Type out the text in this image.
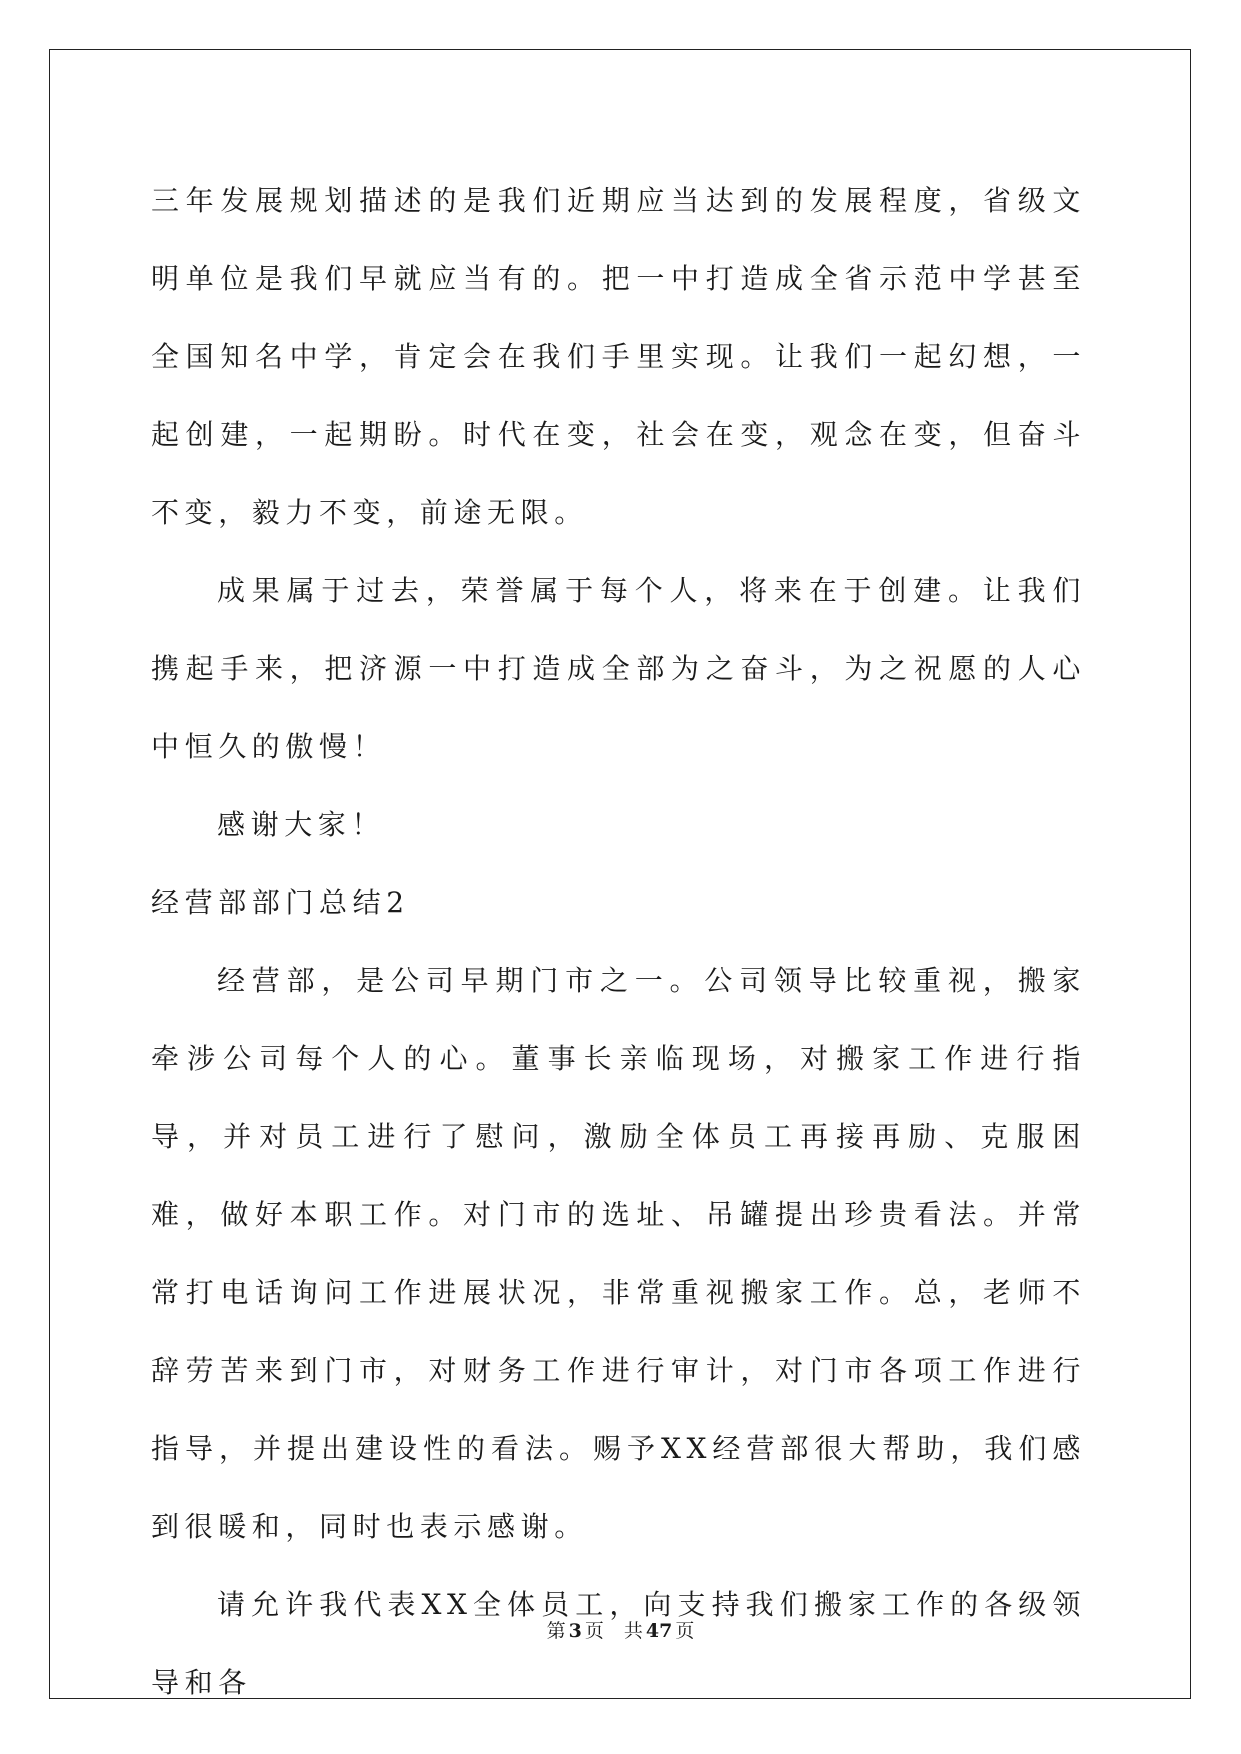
三年发展规划描述的是我们近期应当达到的发展程度，省级文明单位是我们早就应当有的。把一中打造成全省示范中学甚至全国知名中学，肯定会在我们手里实现。让我们一起幻想，一起创建，一起期盼。时代在变，社会在变，观念在变，但奋斗不变，毅力不变，前途无限。

成果属于过去，荣誉属于每个人，将来在于创建。让我们携起手来，把济源一中打造成全部为之奋斗，为之祝愿的人心中恒久的傲慢！

感谢大家！

经营部部门总结2

经营部，是公司早期门市之一。公司领导比较重视，搬家牵涉公司每个人的心。董事长亲临现场，对搬家工作进行指导，并对员工进行了慰问，激励全体员工再接再励、克服困难，做好本职工作。对门市的选址、吊罐提出珍贵看法。并常常打电话询问工作进展状况，非常重视搬家工作。总，老师不辞劳苦来到门市，对财务工作进行审计，对门市各项工作进行指导，并提出建设性的看法。赐予XX经营部很大帮助，我们感到很暖和，同时也表示感谢。

请允许我代表XX全体员工，向支持我们搬家工作的各级领导和各

第 3 页 共 47 页
